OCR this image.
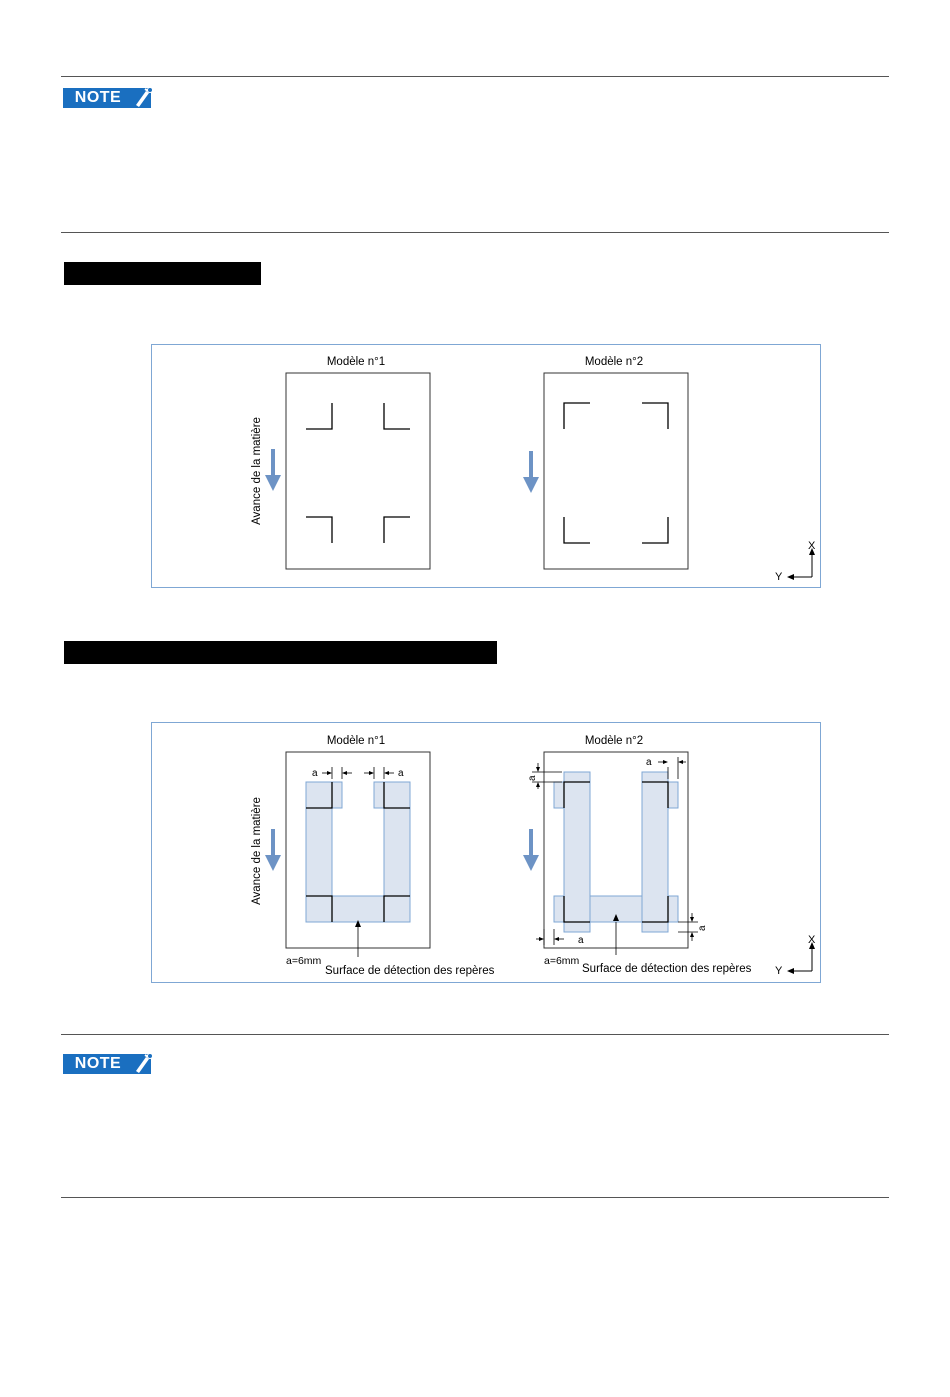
NOTE
Modèle n°1
Avance de la matière
Modèle n°2
X
Y
Modèle n°1
a	a
Avance de la matière
a=6mm
Surface de détection des repères
Modèle n°2
a
a
a
a
a=6mm
Surface de détection des repères
X
Y
NOTE
